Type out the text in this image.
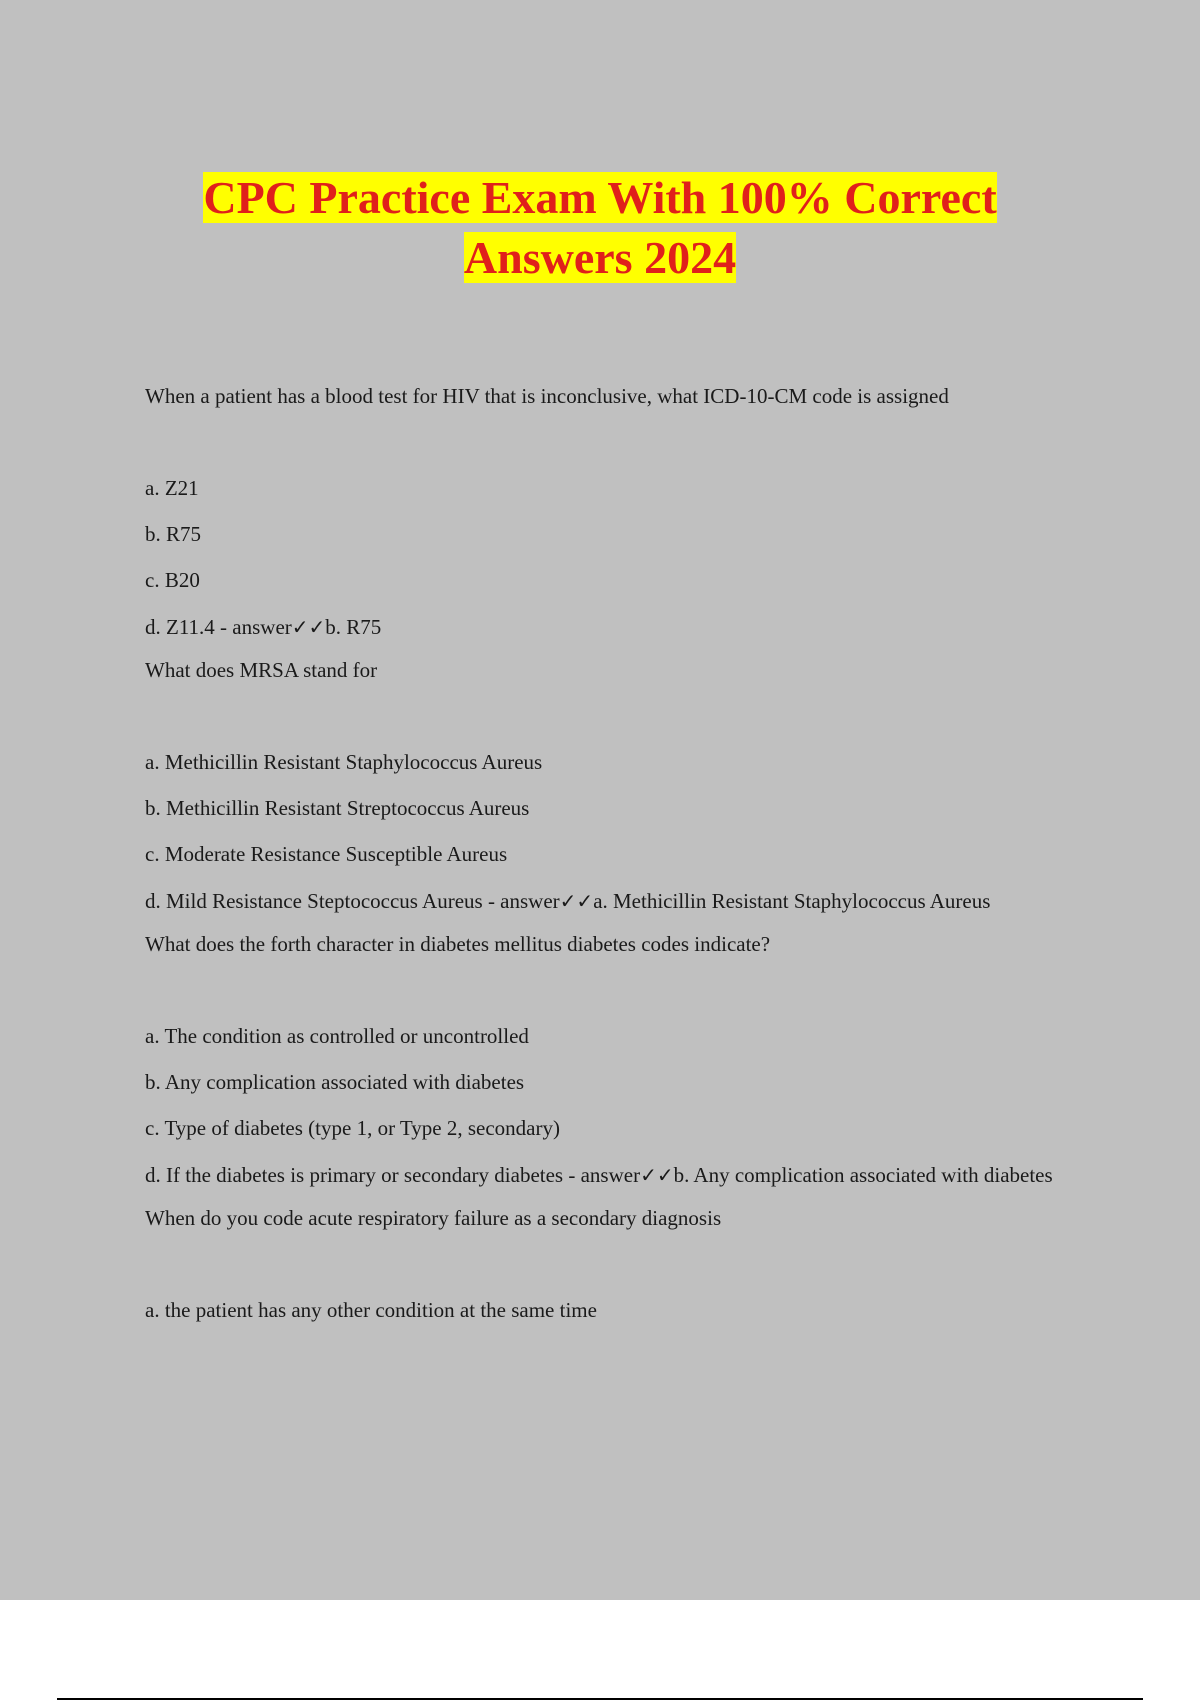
CPC Practice Exam With 100% Correct
Answers 2024

When a patient has a blood test for HIV that is inconclusive, what ICD-10-CM code is assigned

a. Z21

b. R75

c. B20

d. Z11.4 - answer✓✓b. R75

What does MRSA stand for

a. Methicillin Resistant Staphylococcus Aureus

b. Methicillin Resistant Streptococcus Aureus

c. Moderate Resistance Susceptible Aureus

d. Mild Resistance Steptococcus Aureus - answer✓✓a. Methicillin Resistant Staphylococcus Aureus

What does the forth character in diabetes mellitus diabetes codes indicate?

a. The condition as controlled or uncontrolled

b. Any complication associated with diabetes

c. Type of diabetes (type 1, or Type 2, secondary)

d. If the diabetes is primary or secondary diabetes - answer✓✓b. Any complication associated with diabetes

When do you code acute respiratory failure as a secondary diagnosis

a. the patient has any other condition at the same time
